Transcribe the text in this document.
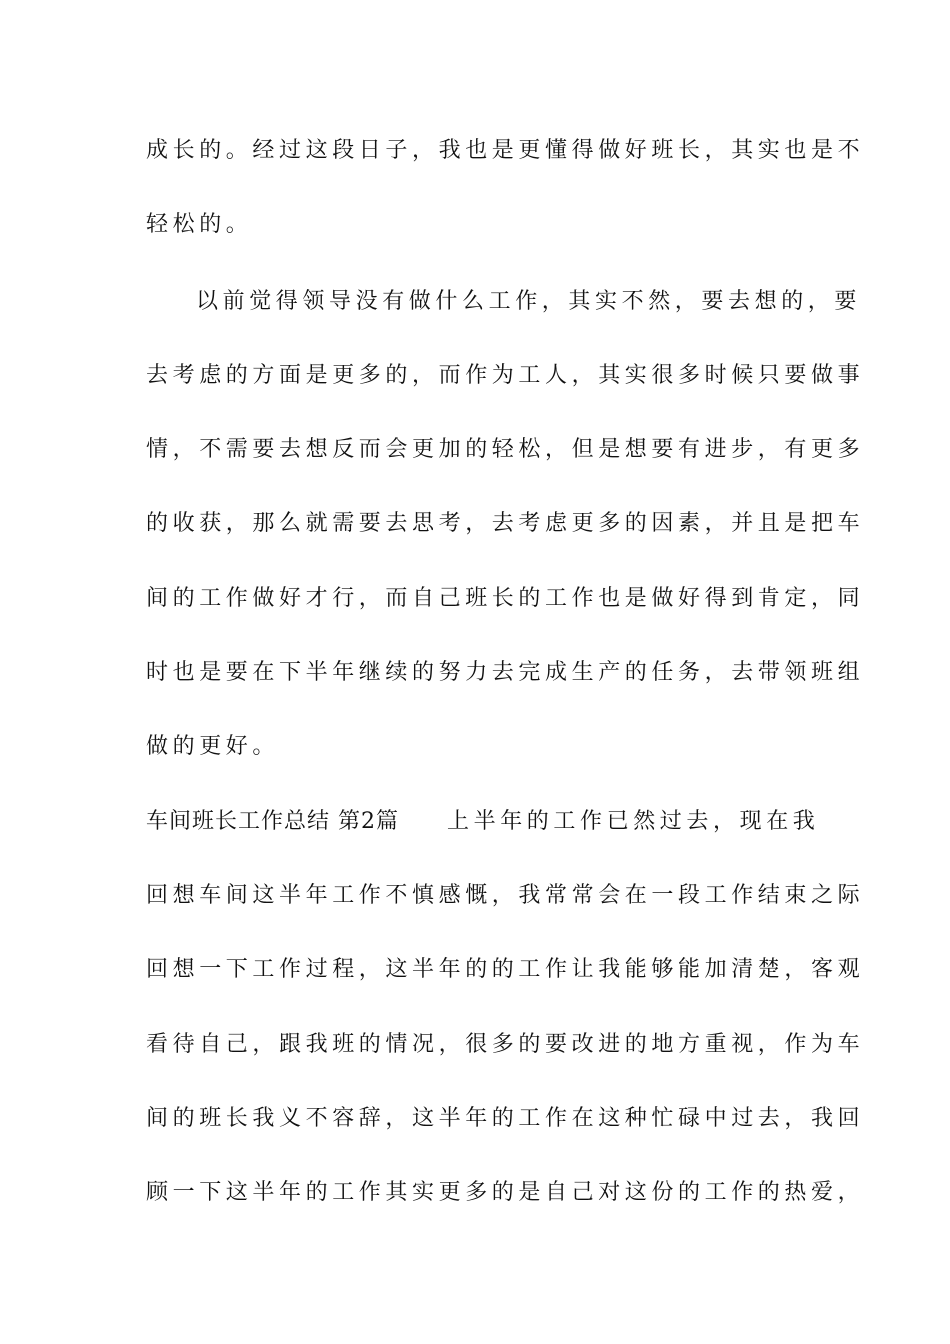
成长的。经过这段日子，我也是更懂得做好班长，其实也是不
轻松的。
以前觉得领导没有做什么工作，其实不然，要去想的，要
去考虑的方面是更多的，而作为工人，其实很多时候只要做事
情，不需要去想反而会更加的轻松，但是想要有进步，有更多
的收获，那么就需要去思考，去考虑更多的因素，并且是把车
间的工作做好才行，而自己班长的工作也是做好得到肯定，同
时也是要在下半年继续的努力去完成生产的任务，去带领班组
做的更好。
车间班长工作总结 第2篇 上半年的工作已然过去，现在我
回想车间这半年工作不慎感慨，我常常会在一段工作结束之际
回想一下工作过程，这半年的的工作让我能够能加清楚，客观
看待自己，跟我班的情况，很多的要改进的地方重视，作为车
间的班长我义不容辞，这半年的工作在这种忙碌中过去，我回
顾一下这半年的工作其实更多的是自己对这份的工作的热爱，
